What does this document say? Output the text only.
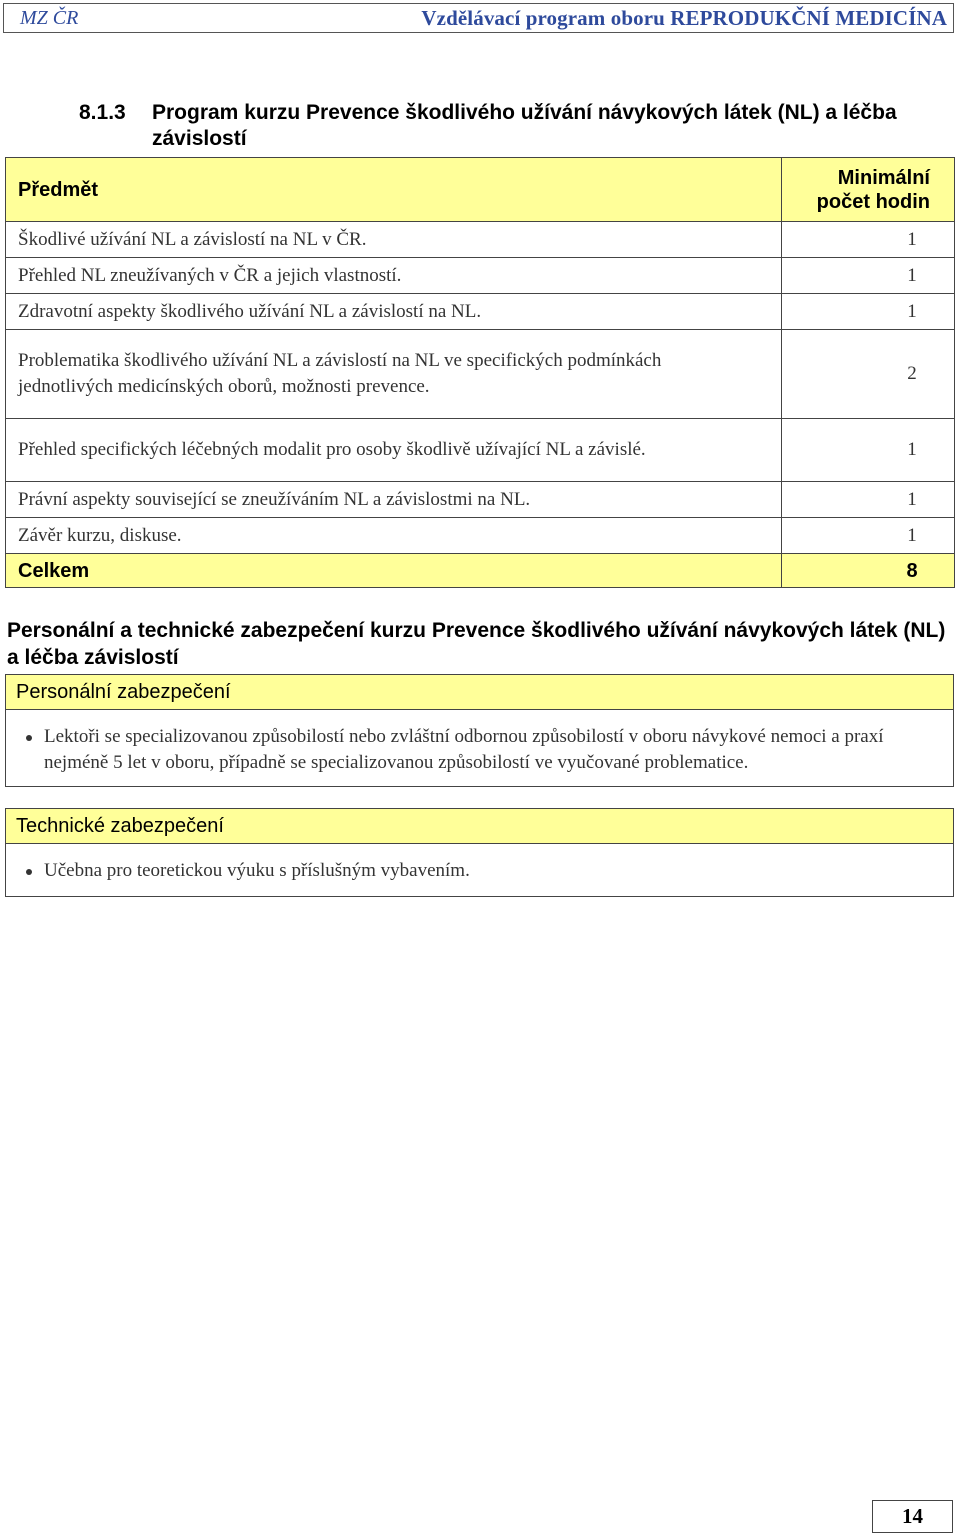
MZ ČR	Vzdělávací program oboru REPRODUKČNÍ MEDICÍNA
8.1.3 Program kurzu Prevence škodlivého užívání návykových látek (NL) a léčba závislostí
Předmět	Minimální počet hodin
Škodlivé užívání NL a závislostí na NL v ČR.	1
Přehled NL zneužívaných v ČR a jejich vlastností.	1
Zdravotní aspekty škodlivého užívání NL a závislostí na NL.	1
Problematika škodlivého užívání NL a závislostí na NL ve specifických podmínkách jednotlivých medicínských oborů, možnosti prevence.	2
Přehled specifických léčebných modalit pro osoby škodlivě užívající NL a závislé.	1
Právní aspekty související se zneužíváním NL a závislostmi na NL.	1
Závěr kurzu, diskuse.	1
Celkem	8
Personální a technické zabezpečení kurzu Prevence škodlivého užívání návykových látek (NL) a léčba závislostí
Personální zabezpečení
Lektoři se specializovanou způsobilostí nebo zvláštní odbornou způsobilostí v oboru návykové nemoci a praxí nejméně 5 let v oboru, případně se specializovanou způsobilostí ve vyučované problematice.
Technické zabezpečení
Učebna pro teoretickou výuku s příslušným vybavením.
14
